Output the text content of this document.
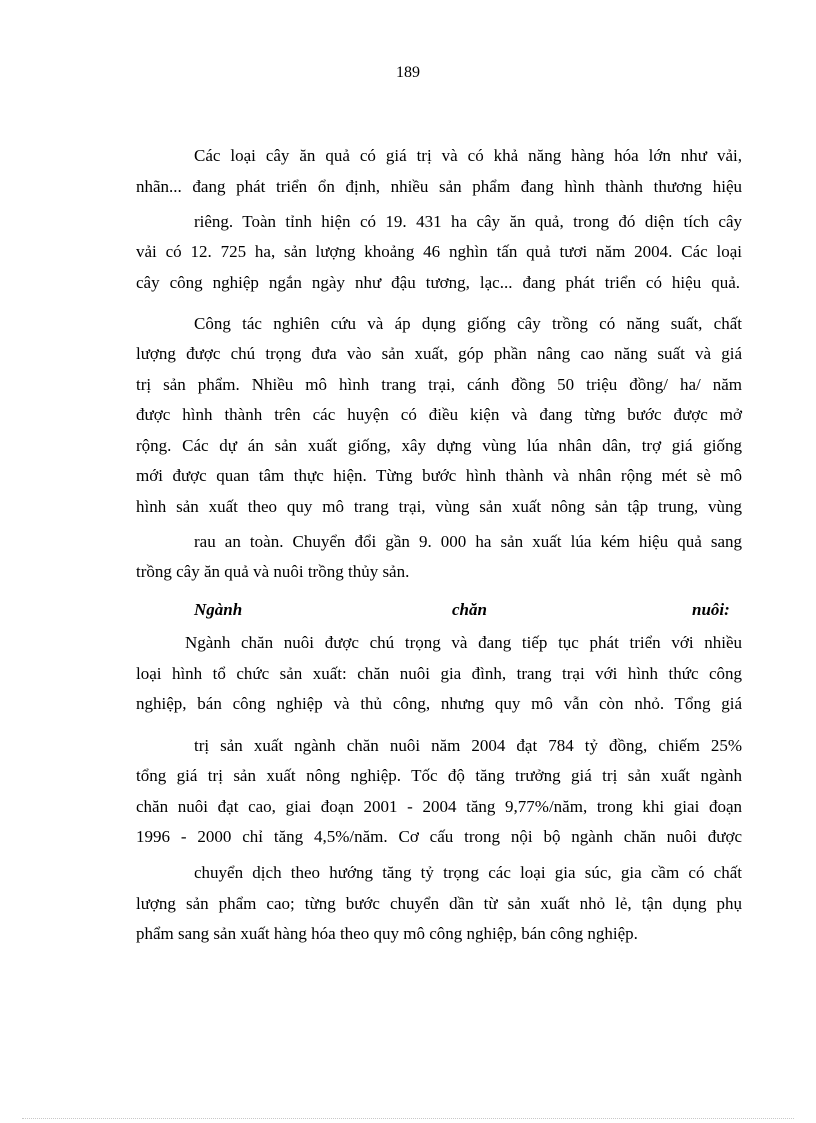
189
Các loại cây ăn quả có giá trị và có khả năng hàng hóa lớn như vải,
nhãn... đang phát triển ổn định, nhiều sản phẩm đang hình thành thương hiệu
riêng. Toàn tỉnh hiện có 19. 431 ha cây ăn quả, trong đó diện tích cây
vải có 12. 725 ha, sản lượng khoảng 46 nghìn tấn quả tươi năm 2004. Các loại
cây công nghiệp ngắn ngày như đậu tương, lạc... đang phát triển có hiệu quả.
Công tác nghiên cứu và áp dụng giống cây trồng có năng suất, chất
lượng được chú trọng đưa vào sản xuất, góp phần nâng cao năng suất và giá
trị sản phẩm. Nhiều mô hình trang trại, cánh đồng 50 triệu đồng/ ha/ năm
được hình thành trên các huyện có điều kiện và đang từng bước được mở
rộng. Các dự án sản xuất giống, xây dựng vùng lúa nhân dân, trợ giá giống
mới được quan tâm thực hiện. Từng bước hình thành và nhân rộng mét sè mô
hình sản xuất theo quy mô trang trại, vùng sản xuất nông sản tập trung, vùng
rau an toàn. Chuyển đổi gần 9. 000 ha sản xuất lúa kém hiệu quả sang
trồng cây ăn quả và nuôi trồng thủy sản.
Ngành	chăn	nuôi:
Ngành chăn nuôi được chú trọng và đang tiếp tục phát triển với nhiều
loại hình tổ chức sản xuất: chăn nuôi gia đình, trang trại với hình thức công
nghiệp, bán công nghiệp và thủ công, nhưng quy mô vẫn còn nhỏ. Tổng giá
trị sản xuất ngành chăn nuôi năm 2004 đạt 784 tỷ đồng, chiếm 25%
tổng giá trị sản xuất nông nghiệp. Tốc độ tăng trưởng giá trị sản xuất ngành
chăn nuôi đạt cao, giai đoạn 2001 - 2004 tăng 9,77%/năm, trong khi giai đoạn
1996 - 2000 chỉ tăng 4,5%/năm. Cơ cấu trong nội bộ ngành chăn nuôi được
chuyển dịch theo hướng tăng tỷ trọng các loại gia súc, gia cầm có chất
lượng sản phẩm cao; từng bước chuyển dần từ sản xuất nhỏ lẻ, tận dụng phụ
phẩm sang sản xuất hàng hóa theo quy mô công nghiệp, bán công nghiệp.
